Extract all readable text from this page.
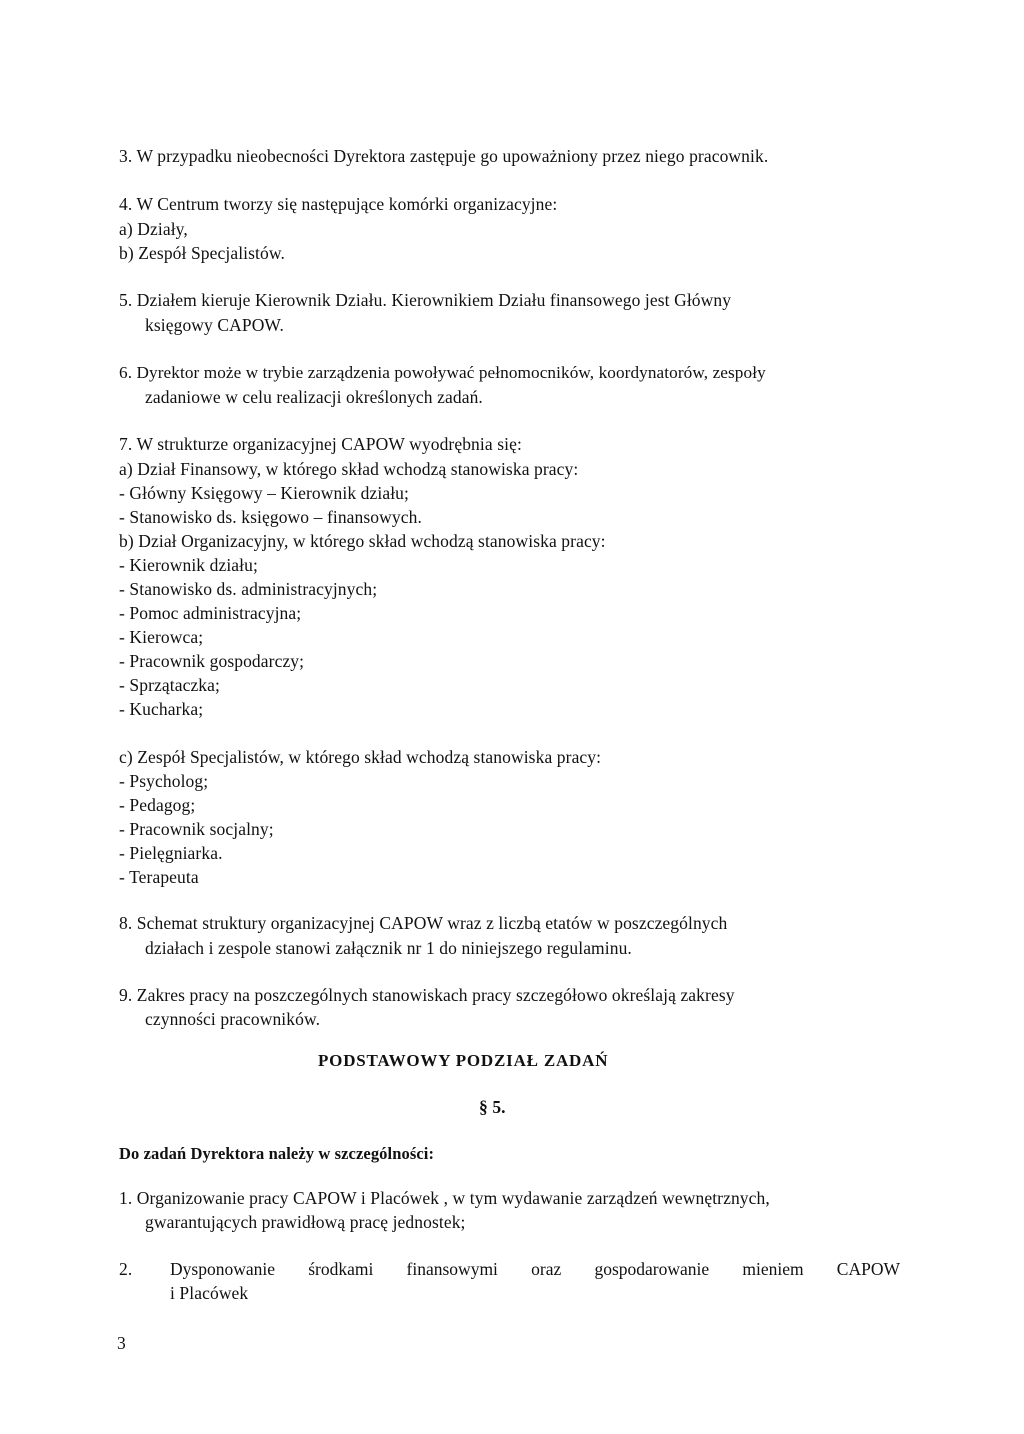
3. W przypadku nieobecności Dyrektora zastępuje go upoważniony przez niego pracownik.
4. W Centrum tworzy się następujące komórki organizacyjne:
a) Działy,
b) Zespół Specjalistów.
5. Działem kieruje Kierownik Działu. Kierownikiem Działu finansowego jest Główny
księgowy CAPOW.
6. Dyrektor może w trybie zarządzenia powoływać pełnomocników, koordynatorów, zespoły
zadaniowe w celu realizacji określonych zadań.
7. W strukturze organizacyjnej CAPOW wyodrębnia się:
a) Dział Finansowy, w którego skład wchodzą stanowiska pracy:
- Główny Księgowy – Kierownik działu;
- Stanowisko ds. księgowo – finansowych.
b) Dział Organizacyjny, w którego skład wchodzą stanowiska pracy:
- Kierownik działu;
- Stanowisko ds. administracyjnych;
- Pomoc administracyjna;
- Kierowca;
- Pracownik gospodarczy;
- Sprzątaczka;
- Kucharka;
c) Zespół Specjalistów, w którego skład wchodzą stanowiska pracy:
- Psycholog;
- Pedagog;
- Pracownik socjalny;
- Pielęgniarka.
- Terapeuta
8. Schemat struktury organizacyjnej CAPOW wraz z liczbą etatów w poszczególnych
działach i zespole stanowi załącznik nr 1 do niniejszego regulaminu.
9. Zakres pracy na poszczególnych stanowiskach pracy szczegółowo określają zakresy
czynności pracowników.
PODSTAWOWY PODZIAŁ ZADAŃ
§ 5.
Do zadań Dyrektora należy w szczególności:
1. Organizowanie pracy CAPOW i Placówek , w tym wydawanie zarządzeń wewnętrznych,
gwarantujących prawidłową pracę jednostek;
2. Dysponowanie środkami finansowymi oraz gospodarowanie mieniem CAPOW
i Placówek
3
